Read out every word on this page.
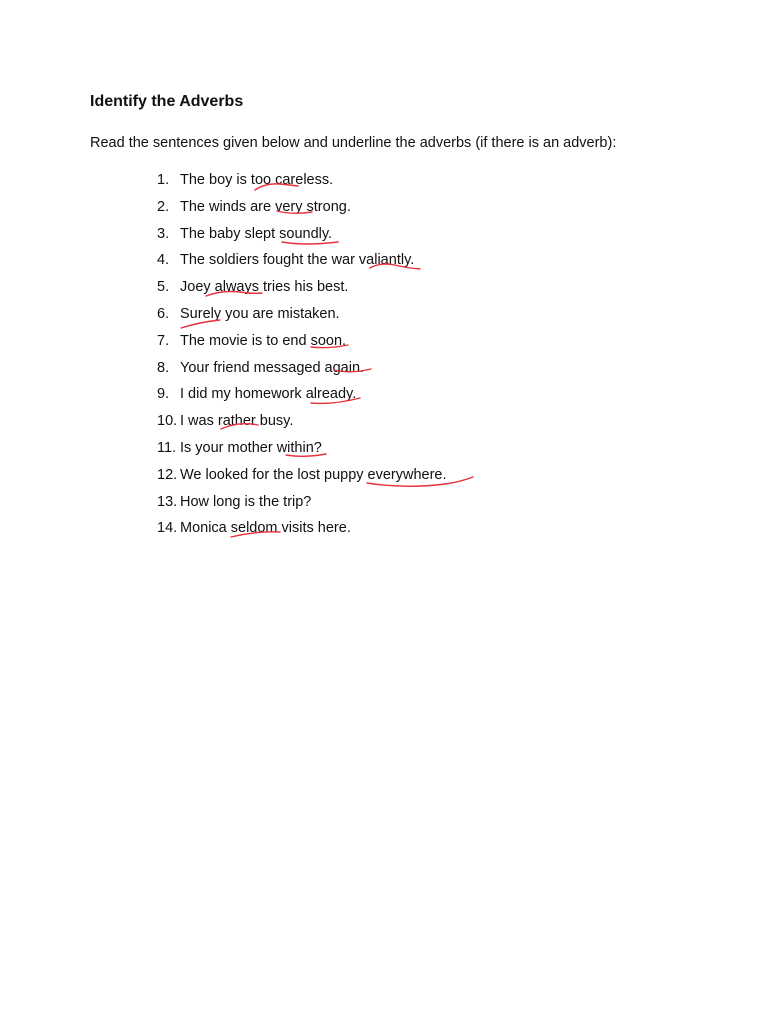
Identify the Adverbs

Read the sentences given below and underline the adverbs (if there is an adverb):

1. The boy is too careless.
2. The winds are very strong.
3. The baby slept soundly.
4. The soldiers fought the war valiantly.
5. Joey always tries his best.
6. Surely you are mistaken.
7. The movie is to end soon.
8. Your friend messaged again.
9. I did my homework already.
10. I was rather busy.
11. Is your mother within?
12. We looked for the lost puppy everywhere.
13. How long is the trip?
14. Monica seldom visits here.
